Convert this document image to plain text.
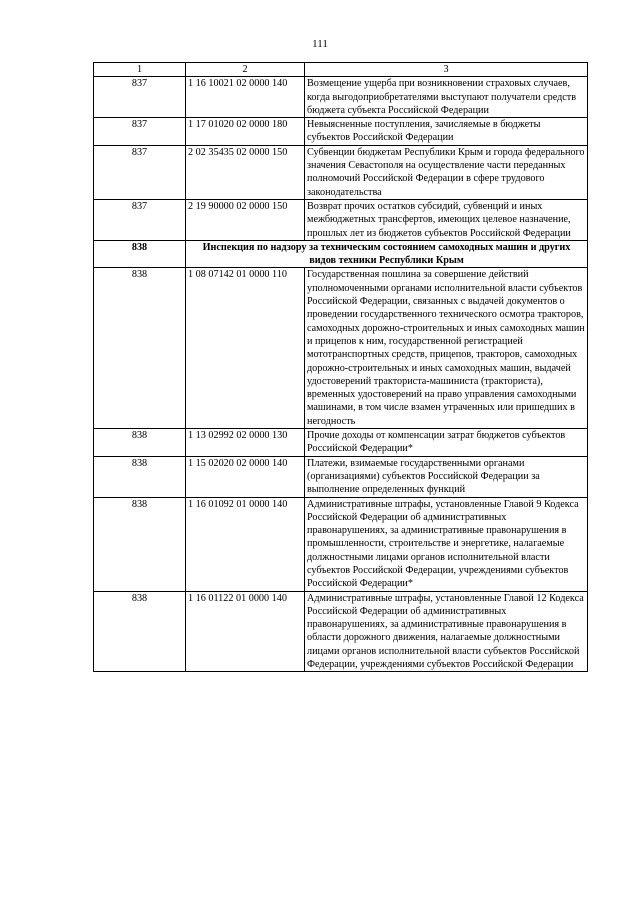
111
1	2	3
837	1 16 10021 02 0000 140	Возмещение ущерба при возникновении страховых случаев, когда выгодоприобретателями выступают получатели средств бюджета субъекта Российской Федерации
837	1 17 01020 02 0000 180	Невыясненные поступления, зачисляемые в бюджеты субъектов Российской Федерации
837	2 02 35435 02 0000 150	Субвенции бюджетам Республики Крым и города федерального значения Севастополя на осуществление части переданных полномочий Российской Федерации в сфере трудового законодательства
837	2 19 90000 02 0000 150	Возврат прочих остатков субсидий, субвенций и иных межбюджетных трансфертов, имеющих целевое назначение, прошлых лет из бюджетов субъектов Российской Федерации
838	Инспекция по надзору за техническим состоянием самоходных машин и других видов техники Республики Крым	
838	1 08 07142 01 0000 110	Государственная пошлина за совершение действий уполномоченными органами исполнительной власти субъектов Российской Федерации, связанных с выдачей документов о проведении государственного технического осмотра тракторов, самоходных дорожно-строительных и иных самоходных машин и прицепов к ним, государственной регистрацией мототранспортных средств, прицепов, тракторов, самоходных дорожно-строительных и иных самоходных машин, выдачей удостоверений тракториста-машиниста (тракториста), временных удостоверений на право управления самоходными машинами, в том числе взамен утраченных или пришедших в негодность
838	1 13 02992 02 0000 130	Прочие доходы от компенсации затрат бюджетов субъектов Российской Федерации*
838	1 15 02020 02 0000 140	Платежи, взимаемые государственными органами (организациями) субъектов Российской Федерации за выполнение определенных функций
838	1 16 01092 01 0000 140	Административные штрафы, установленные Главой 9 Кодекса Российской Федерации об административных правонарушениях, за административные правонарушения в промышленности, строительстве и энергетике, налагаемые должностными лицами органов исполнительной власти субъектов Российской Федерации, учреждениями субъектов Российской Федерации*
838	1 16 01122 01 0000 140	Административные штрафы, установленные Главой 12 Кодекса Российской Федерации об административных правонарушениях, за административные правонарушения в области дорожного движения, налагаемые должностными лицами органов исполнительной власти субъектов Российской Федерации, учреждениями субъектов Российской Федерации
